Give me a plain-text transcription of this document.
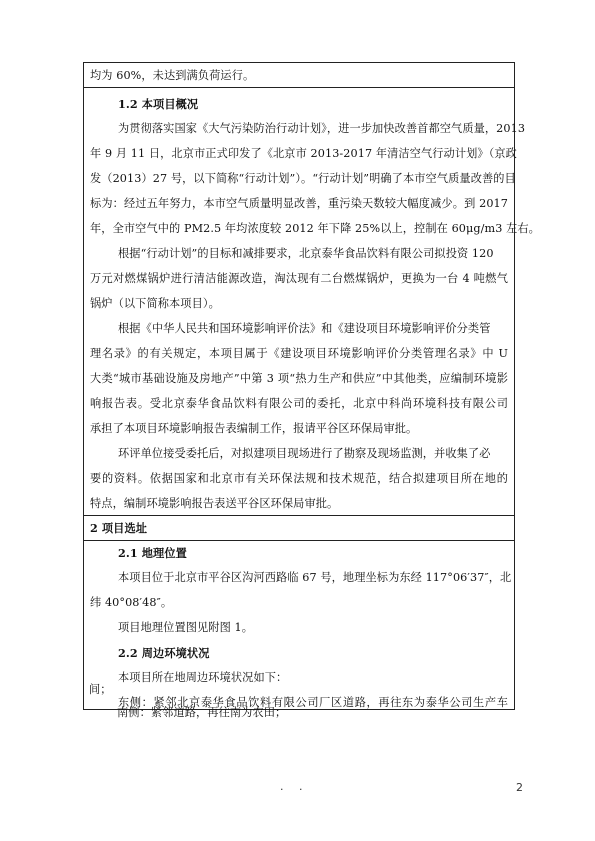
均为 60%，未达到满负荷运行。
1.2 本项目概况
为贯彻落实国家《大气污染防治行动计划》，进一步加快改善首都空气质量，2013
年 9 月 11 日，北京市正式印发了《北京市 2013-2017 年清洁空气行动计划》（京政
发（2013）27 号，以下简称“行动计划”）。“行动计划”明确了本市空气质量改善的目
标为：经过五年努力，本市空气质量明显改善，重污染天数较大幅度减少。到 2017
年，全市空气中的 PM2.5 年均浓度较 2012 年下降 25%以上，控制在 60μg/m3 左右。
根据“行动计划”的目标和减排要求，北京泰华食品饮料有限公司拟投资 120
万元对燃煤锅炉进行清洁能源改造，淘汰现有二台燃煤锅炉，更换为一台 4 吨燃气
锅炉（以下简称本项目）。
根据《中华人民共和国环境影响评价法》和《建设项目环境影响评价分类管
理名录》的有关规定，本项目属于《建设项目环境影响评价分类管理名录》中 U
大类“城市基础设施及房地产”中第 3 项“热力生产和供应”中其他类，应编制环境影
响报告表。受北京泰华食品饮料有限公司的委托，北京中科尚环境科技有限公司
承担了本项目环境影响报告表编制工作，报请平谷区环保局审批。
环评单位接受委托后，对拟建项目现场进行了勘察及现场监测，并收集了必
要的资料。依据国家和北京市有关环保法规和技术规范，结合拟建项目所在地的
特点，编制环境影响报告表送平谷区环保局审批。
2 项目选址
2.1 地理位置
本项目位于北京市平谷区沟河西路临 67 号，地理坐标为东经 117°06′37″，北
纬 40°08′48″。
项目地理位置图见附图 1。
2.2 周边环境状况
本项目所在地周边环境状况如下：
东侧：紧邻北京泰华食品饮料有限公司厂区道路，再往东为泰华公司生产车
间；
南侧：紧邻道路，再往南为农田；
· ·	2
